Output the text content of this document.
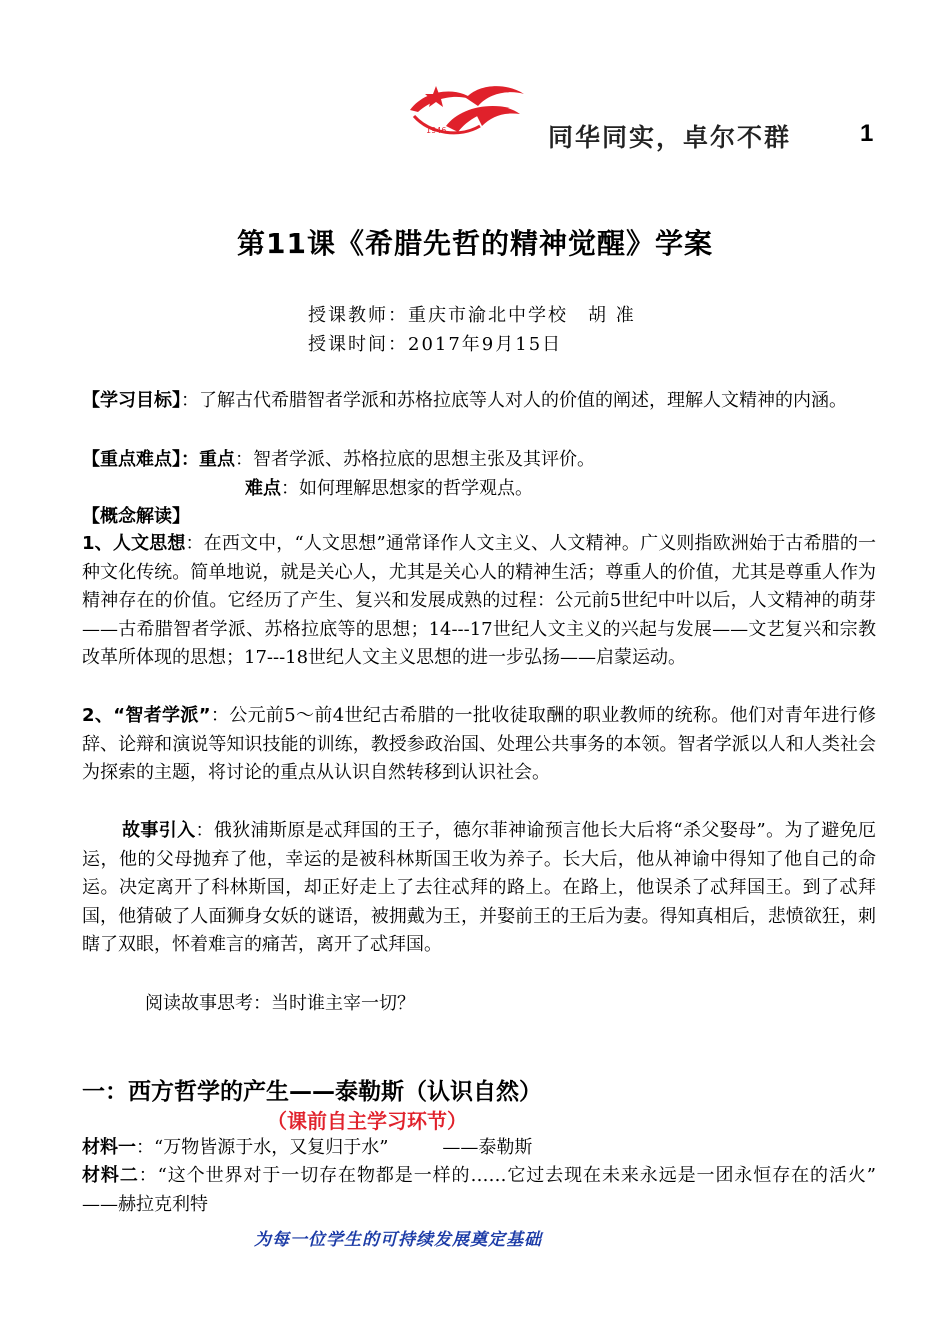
1946	同华同实，卓尔不群	1
第11课《希腊先哲的精神觉醒》学案
授课教师：重庆市渝北中学校　胡 准
授课时间：2017年9月15日
【学习目标】：了解古代希腊智者学派和苏格拉底等人对人的价值的阐述，理解人文精神的内涵。
【重点难点】：重点：智者学派、苏格拉底的思想主张及其评价。
难点：如何理解思想家的哲学观点。
【概念解读】
1、人文思想：在西文中，“人文思想”通常译作人文主义、人文精神。广义则指欧洲始于古希腊的一种文化传统。简单地说，就是关心人，尤其是关心人的精神生活；尊重人的价值，尤其是尊重人作为精神存在的价值。它经历了产生、复兴和发展成熟的过程：公元前5世纪中叶以后，人文精神的萌芽——古希腊智者学派、苏格拉底等的思想；14---17世纪人文主义的兴起与发展——文艺复兴和宗教改革所体现的思想；17---18世纪人文主义思想的进一步弘扬——启蒙运动。
2、“智者学派”：公元前5～前4世纪古希腊的一批收徒取酬的职业教师的统称。他们对青年进行修辞、论辩和演说等知识技能的训练，教授参政治国、处理公共事务的本领。智者学派以人和人类社会为探索的主题，将讨论的重点从认识自然转移到认识社会。
故事引入：俄狄浦斯原是忒拜国的王子，德尔菲神谕预言他长大后将“杀父娶母”。为了避免厄运，他的父母抛弃了他，幸运的是被科林斯国王收为养子。长大后，他从神谕中得知了他自己的命运。决定离开了科林斯国，却正好走上了去往忒拜的路上。在路上，他误杀了忒拜国王。到了忒拜国，他猜破了人面狮身女妖的谜语，被拥戴为王，并娶前王的王后为妻。得知真相后，悲愤欲狂，刺瞎了双眼，怀着难言的痛苦，离开了忒拜国。
阅读故事思考：当时谁主宰一切？
一：西方哲学的产生——泰勒斯（认识自然）
（课前自主学习环节）
材料一：“万物皆源于水，又复归于水”　　　——泰勒斯
材料二：“这个世界对于一切存在物都是一样的……它过去现在未来永远是一团永恒存在的活火”　　——赫拉克利特
为每一位学生的可持续发展奠定基础
